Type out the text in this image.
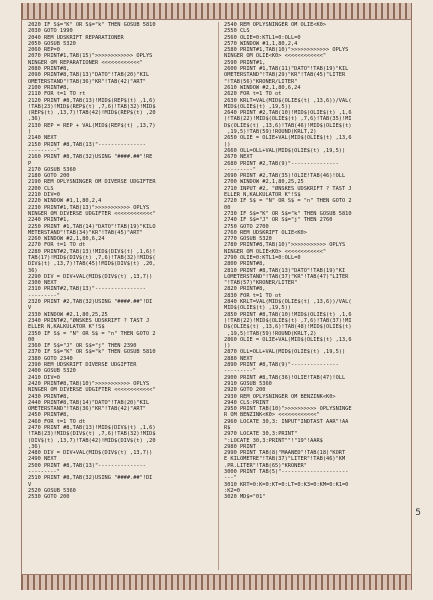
2020 IF S$="K" OR S$="k" THEN GOSUB 5810
2030 GOTO 1990
2040 REM UDSKRIFT REPARATIONER
2050 GOSUB 5320
2060 REP=0
2070 PRINT#1,TAB(15)">>>>>>>>>>>> OPLYS
NINGER OM REPARATIONER <<<<<<<<<<<<"
2080 PRINT#8,
2090 PRINT#8,TAB(13)"DATO"!TAB(20)"KIL
OMETERSTAND"!TAB(36)"KR"!TAB(42)"ART"
2100 PRINT#8,
2110 FOR t=1 TO rt
2120 PRINT #8,TAB(13)!MID$(REP$(t) ,1,6)
!TAB(23)!MID$(REP$(t) ,7,6)!TAB(32)!MID$
(REP$(t) ,13,7)!TAB(42)!MID$(REP$(t) ,20
,36)
2130 REP = REP + VAL(MID$(REP$(t) ,13,7)
)
2140 NEXT
2150 PRINT #8,TAB(13)"---------------
---------"
2160 PRINT #8,TAB(32)USING "####.##"!RE
P
2170 GOSUB 5360
2180 GOTO 200
2190 REM OPLYSNINGER OM DIVERSE UDGIFTER
2200 CLS
2210 DIV=0
2220 WINDOW #1,1,80,2,4
2230 PRINT#1,TAB(13)">>>>>>>>>>> OPLYS
NINGER OM DIVERSE UDGIFTER <<<<<<<<<<<<"
2240 PRINT#1,
2250 PRINT #1,TAB(14)"DATO"!TAB(19)"KILO
METERSTAND"!TAB(34)"KR"!TAB(45)"ART"
2260 WINDOW #2,1,80,6,24
2270 FOR t=1 TO dt
2280 PRINT#2,TAB(13)!MID$(DIV$(t) ,1,6)!
TAB(17)!MID$(DIV$(t) ,7,6)!TAB(32)!MID$(
DIV$(t) ,13,7)!TAB(45)!MID$(DIV$(t) ,20,
36)
2290 DIV = DIV+VAL(MID$(DIV$(t) ,13,7))
2300 NEXT
2310 PRINT#2,TAB(13)"----------------
---------"
2320 PRINT #2,TAB(32)USING "####.##"!DI
V
2330 WINDOW #2,1,80,25,25
2340 PRINT#2,"ØNSKES UDSKRIFT ? TAST J
ELLER N,KALKULATOR K"!S$
2350 IF S$ = "N" OR S$ = "n" THEN GOTO 2
00
2360 IF S$="J" OR S$="j" THEN 2390
2370 IF S$="K" OR S$="k" THEN GOSUB 5810
2380 GOTO 2340
2390 REM UDSKRIFT DIVERSE UDGIFTER
2400 GOSUB 5320
2410 DIV=0
2420 PRINT#8,TAB(10)">>>>>>>>>>> OPLYS
NINGER OM DIVERSE UDGIFTER <<<<<<<<<<<<"
2430 PRINT#8,
2440 PRINT#8,TAB(14)"DATO"!TAB(20)"KIL
OMETERSTAND"!TAB(36)"KR"!TAB(42)"ART"
2450 PRINT#8,
2460 FOR t=1 TO dt
2470 PRINT #8,TAB(13)!MID$(DIV$(t) ,1,6)
!TAB(23)!MID$(DIV$(t) ,7,6)!TAB(32)!MID$
(DIV$(t) ,13,7)!TAB(42)!MID$(DIV$(t) ,20
,36)
2480 DIV = DIV+VAL(MID$(DIV$(t) ,13,7))
2490 NEXT
2500 PRINT #8,TAB(13)"---------------
---------"
2510 PRINT #8,TAB(32)USING "####.##"!DI
V
2520 GOSUB 5360
2530 GOTO 200
2540 REM OPLYSNINGER OM OLIE<K0>
2550 CLS
2560 OLIE=0:KTL1=0:OLL=0
2570 WINDOW #1,1,80,2,4
2580 PRINT#1,TAB(10)">>>>>>>>>>>> OPLYS
NINGER OM OLIE<K0> <<<<<<<<<<<<"
2590 PRINT#1,
2600 PRINT #1,TAB(11)"DATO"!TAB(19)"KIL
OMETERSTAND"!TAB(29)"KR"!TAB(45)"LITER
"!TAB(56)"KRONER/LITER"
2610 WINDOW #2,1,80,6,24
2620 FOR t=1 TO ot
2630 KRLT=VAL(MID$(OLIE$(t) ,13,6))/VAL(
MID$(OLIE$(t) ,19,5))
2640 PRINT #2,TAB(10)!MID$(OLIE$(t) ,1,6
)!TAB(22)!MID$(OLIE$(t) ,7,6)!TAB(35)!MI
D$(OLIE$(t) ,13,6)!TAB(46)!MID$(OLIE$(t)
,19,5)!TAB(59)!ROUND(KRLT,2)
2650 OLIE = OLIE+VAL(MID$(OLIE$(t) ,13,6
))
2660 OLL=OLL+VAL(MID$(OLIE$(t) ,19,5))
2670 NEXT
2680 PRINT #2,TAB(9)"---------------
---------"
2690 PRINT #2,TAB(35)!OLIE!TAB(46)!OLL
2700 WINDOW #2,1,80,25,25
2710 INPUT #2, "ØNSKES UDSKRIFT ? TAST J
ELLER N,KALKULATOR K"!S$
2720 IF S$ = "N" OR S$ = "n" THEN GOTO 2
00
2730 IF S$="K" OR S$="k" THEN GOSUB 5810
2740 IF S$="J" OR S$="j" THEN 2760
2750 GOTO 2700
2760 REM UDSKRIFT OLIE<K0>
2770 GOSUB 5320
2780 PRINT#8,TAB(10)">>>>>>>>>>> OPLYS
NINGER OM OLIE<K0> <<<<<<<<<<<<"
2790 OLIE=0:KTL1=0:OLL=0
2800 PRINT#8,
2810 PRINT #8,TAB(13)"DATO"!TAB(19)"KI
LOMETERSTAND"!TAB(37)"KR"!TAB(47)"LITER
"!TAB(57)"KRONER/LITER"
2820 PRINT#8,
2830 FOR t=1 TO ot
2840 KRLT=VAL(MID$(OLIE$(t) ,13,6))/VAL(
MID$(OLIE$(t) ,19,5))
2850 PRINT #8,TAB(10)!MID$(OLIE$(t) ,1,6
)!TAB(22)!MID$(OLIE$(t) ,7,6)!TAB(37)!MI
D$(OLIE$(t) ,13,6)!TAB(48)!MID$(OLIE$(t)
,19,5)!TAB(59)!ROUND(KRLT,2)
2860 OLIE = OLIE+VAL(MID$(OLIE$(t) ,13,6
))
2870 OLL=OLL+VAL(MID$(OLIE$(t) ,19,5))
2880 NEXT
2890 PRINT #8,TAB(9)"---------------
---------"
2900 PRINT #8,TAB(36)!OLIE!TAB(47)!OLL
2910 GOSUB 5360
2920 GOTO 200
2930 REM OPLYSNINGER OM BENZINK<K0>
2940 CLS:PRINT
2950 PRINT TAB(10)">>>>>>>>>> OPLYSNINGE
R OM BENZINK<K0> <<<<<<<<<<<<"
2960 LOCATE 30,3: INPUT"INDTAST AAR"!AA
R$
2970 LOCATE 30,3:PRINT"
":LOCATE 30,3:PRINT""!"19"!AAR$
2980 PRINT
2990 PRINT TAB(8)"MAANED"!TAB(18)"KORT
E KILOMETRE"!TAB(37)"LITER"!TAB(46)"KM
.PR.LITER"!TAB(65)"KRONER"
3000 PRINT TAB(5)"---------------------
---"
3010 KRT=0:K=0:KT=0:LT=0:K3=0:KM=0:K1=0
:K2=0
3020 MD$="01"
5
